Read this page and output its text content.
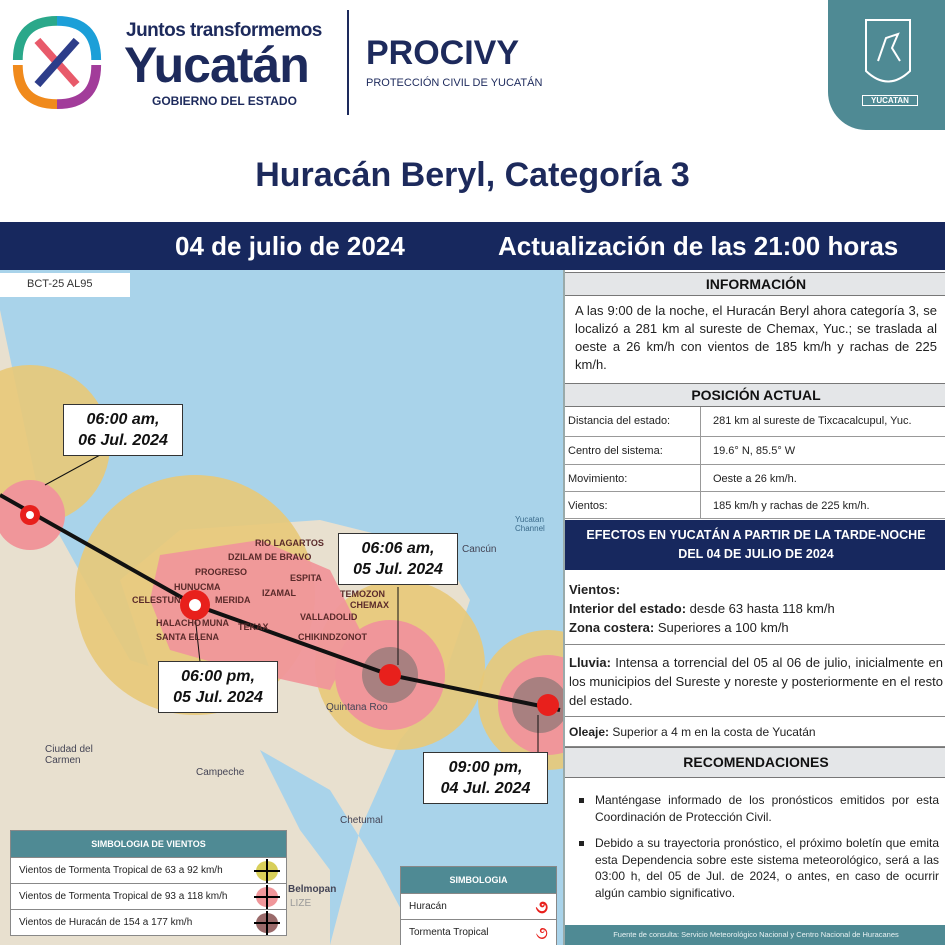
Juntos transformemos
Yucatán
GOBIERNO DEL ESTADO
PROCIVY
PROTECCIÓN CIVIL DE YUCATÁN
YUCATAN
Huracán Beryl, Categoría 3
04 de julio de 2024	Actualización de las 21:00 horas
DZILAM DE BRAVO
PROGRESO
HUNUCMA
CELESTUN	MERIDA
IZAMAL
ESPITA
TEMOZON
CHEMAX
VALLADOLID
HALACHO MUNA
SANTA ELENA
TEKAX
CHIKINDZONOT
RIO LAGARTOS
Cancún
Campeche
Ciudad del Carmen
Chetumal
Quintana Roo
Belmopan
LIZE
Yucatan Channel
06:00 am,
06 Jul. 2024
06:06 am,
05 Jul. 2024
06:00 pm,
05 Jul. 2024
09:00 pm,
04 Jul. 2024
SIMBOLOGIA DE VIENTOS
Vientos de Tormenta Tropical de 63 a 92 km/h
Vientos de Tormenta Tropical de 93 a 118 km/h
Vientos de Huracán de 154 a 177 km/h
SIMBOLOGIA
Huracán	૭
Tormenta Tropical	૭
BCT-25 AL95	INFORMACIÓN
A las 9:00 de la noche, el Huracán Beryl ahora categoría 3, se localizó a 281 km al sureste de Chemax, Yuc.; se traslada al oeste a 26 km/h con vientos de 185 km/h y rachas de 225 km/h.
POSICIÓN ACTUAL
Distancia del estado:	281 km al sureste de Tixcacalcupul, Yuc.
Centro del sistema:	19.6° N, 85.5° W
Movimiento:	Oeste a 26 km/h.
Vientos:	185 km/h y rachas de 225 km/h.
EFECTOS EN YUCATÁN A PARTIR DE LA TARDE-NOCHE
DEL 04 DE JULIO DE 2024
Vientos:
Interior del estado: desde 63 hasta 118 km/h
Zona costera: Superiores a 100 km/h
Lluvia: Intensa a torrencial del 05 al 06 de julio, inicialmente en los municipios del Sureste y noreste y posteriormente en el resto del estado.
Oleaje: Superior a 4 m en la costa de Yucatán
RECOMENDACIONES
Manténgase informado de los pronósticos emitidos por esta Coordinación de Protección Civil.
Debido a su trayectoria pronóstico, el próximo boletín que emita esta Dependencia sobre este sistema meteorológico, será a las 03:00 h, del 05 de Jul. de 2024, o antes, en caso de ocurrir algún cambio significativo.
Fuente de consulta: Servicio Meteorológico Nacional y Centro Nacional de Huracanes
